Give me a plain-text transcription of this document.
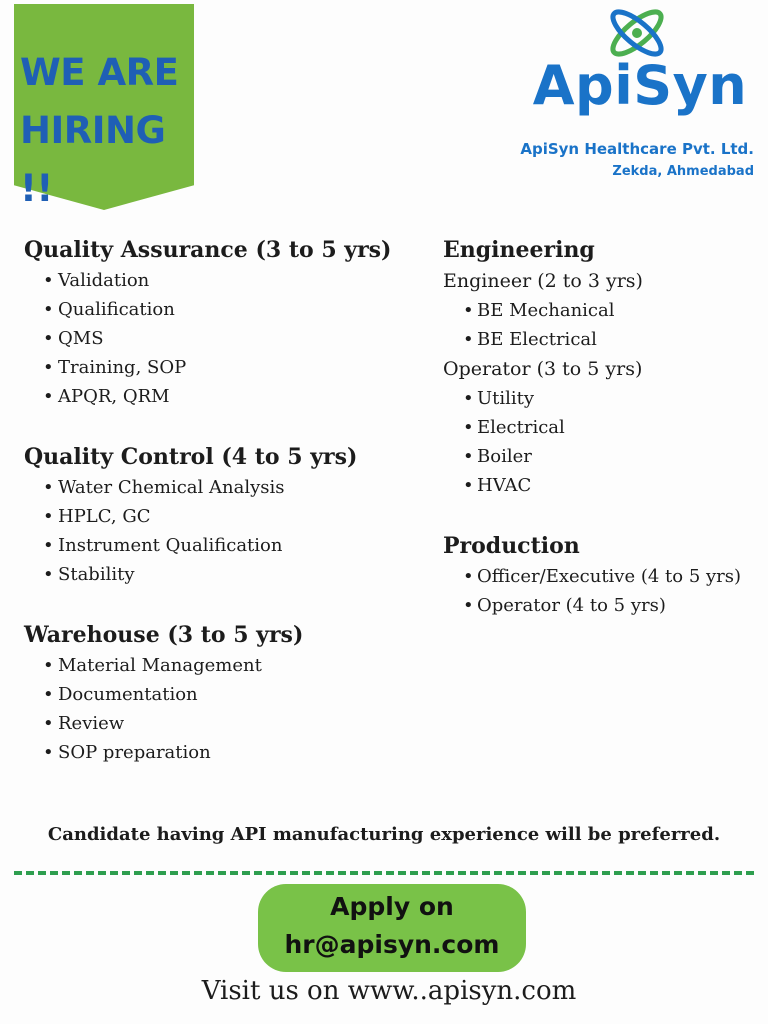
WE ARE
HIRING !!
ApiSyn
ApiSyn Healthcare Pvt. Ltd.
Zekda, Ahmedabad
Quality Assurance (3 to 5 yrs)
• Validation
• Qualification
• QMS
• Training, SOP
• APQR, QRM
Quality Control (4 to 5 yrs)
• Water Chemical Analysis
• HPLC, GC
• Instrument Qualification
• Stability
Warehouse (3 to 5 yrs)
• Material Management
• Documentation
• Review
• SOP preparation
Engineering
Engineer (2 to 3 yrs)
• BE Mechanical
• BE Electrical
Operator (3 to 5 yrs)
• Utility
• Electrical
• Boiler
• HVAC
Production
• Officer/Executive (4 to 5 yrs)
• Operator (4 to 5 yrs)
Candidate having API manufacturing experience will be preferred.
Apply on
hr@apisyn.com
Visit us on www..apisyn.com
